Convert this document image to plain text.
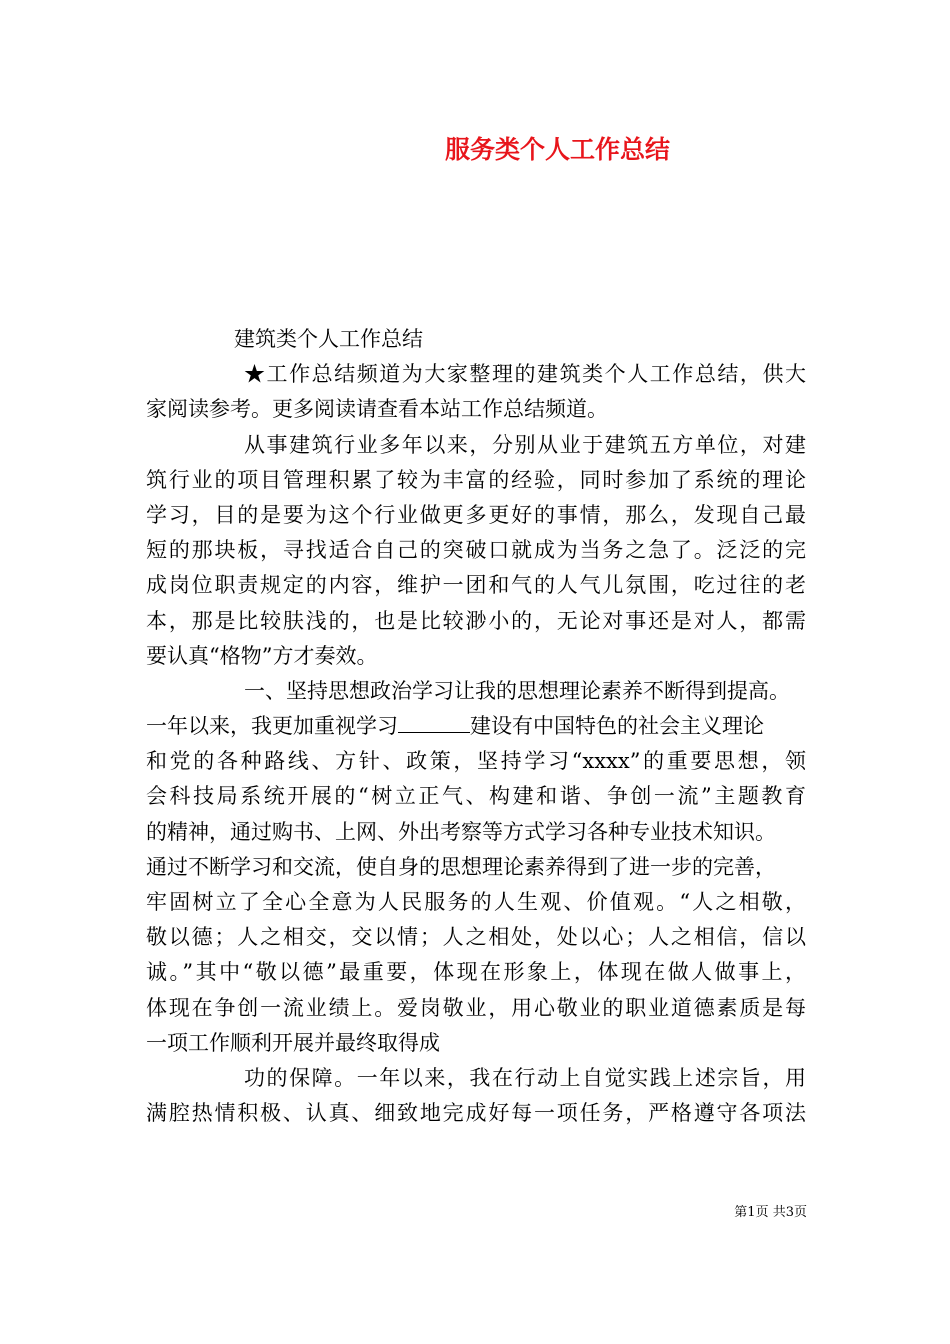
服务类个人工作总结
建筑类个人工作总结
★工作总结频道为大家整理的建筑类个人工作总结，供大
家阅读参考。更多阅读请查看本站工作总结频道。
从事建筑行业多年以来，分别从业于建筑五方单位，对建
筑行业的项目管理积累了较为丰富的经验，同时参加了系统的理论
学习，目的是要为这个行业做更多更好的事情，那么，发现自己最
短的那块板，寻找适合自己的突破口就成为当务之急了。泛泛的完
成岗位职责规定的内容，维护一团和气的人气儿氛围，吃过往的老
本，那是比较肤浅的，也是比较渺小的，无论对事还是对人，都需
要认真“格物”方才奏效。
一、坚持思想政治学习让我的思想理论素养不断得到提高。
一年以来，我更加重视学习	建设有中国特色的社会主义理论
和党的各种路线、方针、政策，坚持学习“xxxx”的重要思想，领
会科技局系统开展的“树立正气、构建和谐、争创一流”主题教育
的精神，通过购书、上网、外出考察等方式学习各种专业技术知识。
通过不断学习和交流，使自身的思想理论素养得到了进一步的完善，
牢固树立了全心全意为人民服务的人生观、价值观。“人之相敬，
敬以德；人之相交，交以情；人之相处，处以心；人之相信，信以
诚。”其中“敬以德”最重要，体现在形象上，体现在做人做事上，
体现在争创一流业绩上。爱岗敬业，用心敬业的职业道德素质是每
一项工作顺利开展并最终取得成
功的保障。一年以来，我在行动上自觉实践上述宗旨，用
满腔热情积极、认真、细致地完成好每一项任务，严格遵守各项法
第1页 共3页
